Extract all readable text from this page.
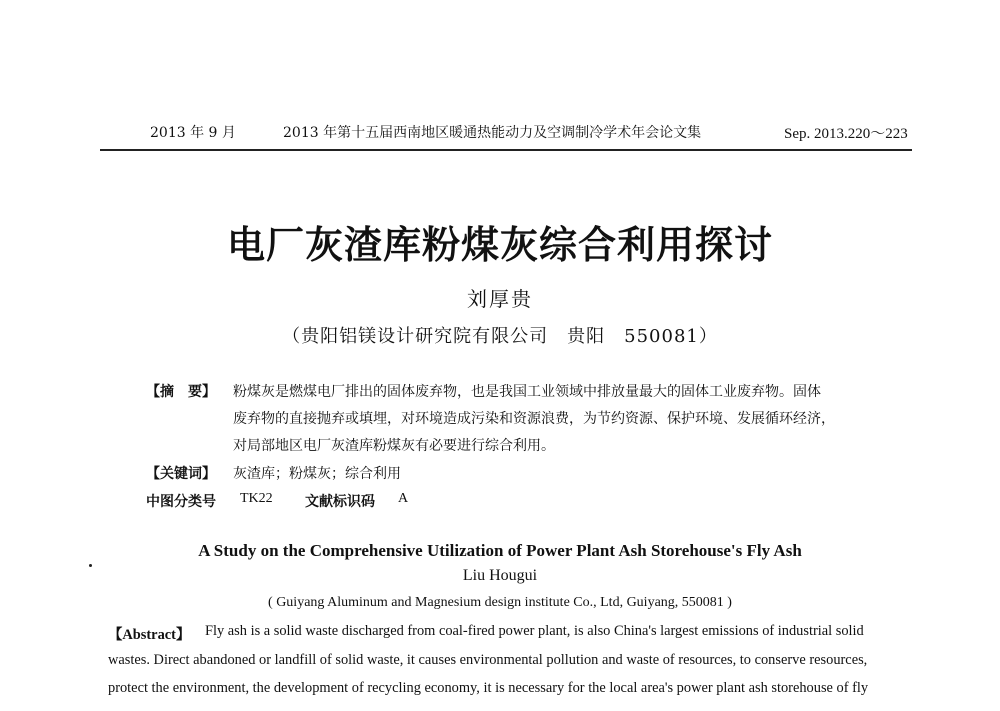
2013 年 9 月	2013 年第十五届西南地区暖通热能动力及空调制冷学术年会论文集	Sep. 2013.220～223
电厂灰渣库粉煤灰综合利用探讨
刘厚贵
（贵阳铝镁设计研究院有限公司　贵阳　550081）
【摘　要】 粉煤灰是燃煤电厂排出的固体废弃物，也是我国工业领域中排放量最大的固体工业废弃物。固体
废弃物的直接抛弃或填埋，对环境造成污染和资源浪费，为节约资源、保护环境、发展循环经济，
对局部地区电厂灰渣库粉煤灰有必要进行综合利用。
【关键词】 灰渣库；粉煤灰；综合利用
中图分类号 TK22 文献标识码 A
A Study on the Comprehensive Utilization of Power Plant Ash Storehouse's Fly Ash
Liu Hougui
( Guiyang Aluminum and Magnesium design institute Co., Ltd, Guiyang, 550081 )
【Abstract】 Fly ash is a solid waste discharged from coal-fired power plant, is also China's largest emissions of industrial solid
wastes. Direct abandoned or landfill of solid waste, it causes environmental pollution and waste of resources, to conserve resources,
protect the environment, the development of recycling economy, it is necessary for the local area's power plant ash storehouse of fly
